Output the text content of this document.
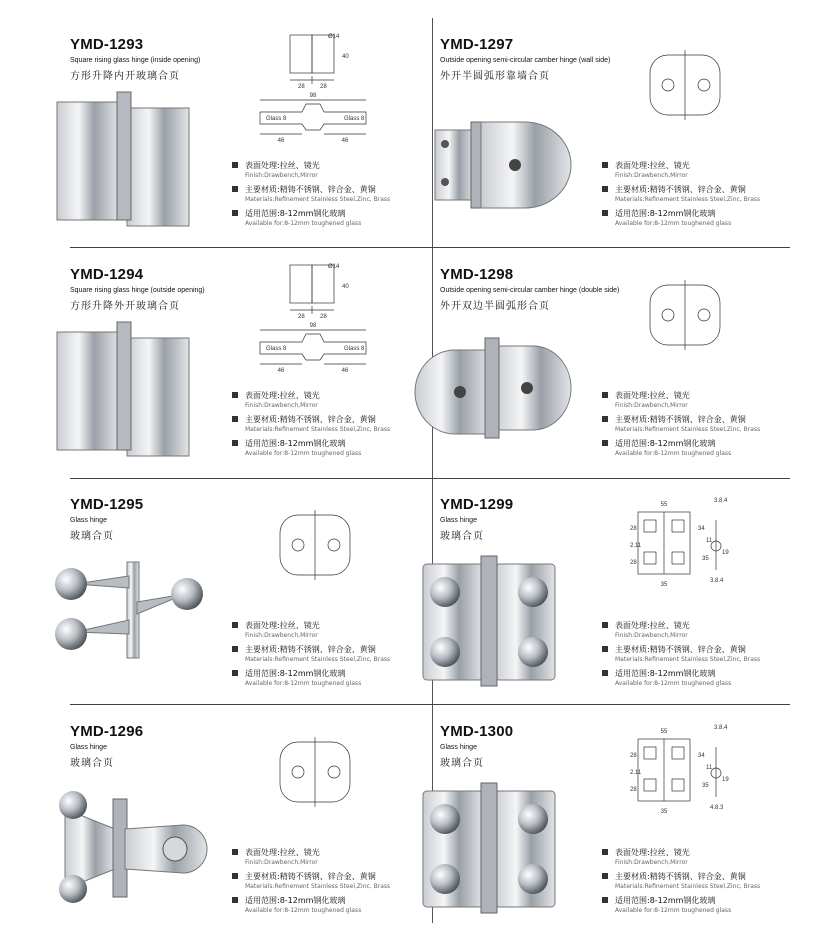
YMD-1293
Square rising glass hinge (inside opening)
方形升降内开玻璃合页
Ø14
40
28	28
98
46	46
Glass 8	Glass 8
表面处理:拉丝、镜光
Finish:Drawbench,Mirror
主要材质:精铸不锈钢、锌合金、黄铜
Materials:Refinement Stainless Steel,Zinc, Brass
适用范围:8-12mm钢化玻璃
Available for:8-12mm toughened glass
YMD-1297
Outside opening semi-circular camber hinge (wall side)
外开半圆弧形靠墙合页
表面处理:拉丝、镜光
Finish:Drawbench,Mirror
主要材质:精铸不锈钢、锌合金、黄铜
Materials:Refinement Stainless Steel,Zinc, Brass
适用范围:8-12mm钢化玻璃
Available for:8-12mm toughened glass
YMD-1294
Square rising glass hinge (outside opening)
方形升降外开玻璃合页
Ø14
40
28	28
98
46	46
Glass 8	Glass 8
表面处理:拉丝、镜光
Finish:Drawbench,Mirror
主要材质:精铸不锈钢、锌合金、黄铜
Materials:Refinement Stainless Steel,Zinc, Brass
适用范围:8-12mm钢化玻璃
Available for:8-12mm toughened glass
YMD-1298
Outside opening semi-circular camber hinge (double side)
外开双边半圆弧形合页
表面处理:拉丝、镜光
Finish:Drawbench,Mirror
主要材质:精铸不锈钢、锌合金、黄铜
Materials:Refinement Stainless Steel,Zinc, Brass
适用范围:8-12mm钢化玻璃
Available for:8-12mm toughened glass
YMD-1295
Glass hinge
玻璃合页
表面处理:拉丝、镜光
Finish:Drawbench,Mirror
主要材质:精铸不锈钢、锌合金、黄铜
Materials:Refinement Stainless Steel,Zinc, Brass
适用范围:8-12mm钢化玻璃
Available for:8-12mm toughened glass
YMD-1299
Glass hinge
玻璃合页
55
28
28
2.11
35
3.8.4
34
11
35
19
3.8.4
表面处理:拉丝、镜光
Finish:Drawbench,Mirror
主要材质:精铸不锈钢、锌合金、黄铜
Materials:Refinement Stainless Steel,Zinc, Brass
适用范围:8-12mm钢化玻璃
Available for:8-12mm toughened glass
YMD-1296
Glass hinge
玻璃合页
表面处理:拉丝、镜光
Finish:Drawbench,Mirror
主要材质:精铸不锈钢、锌合金、黄铜
Materials:Refinement Stainless Steel,Zinc, Brass
适用范围:8-12mm钢化玻璃
Available for:8-12mm toughened glass
YMD-1300
Glass hinge
玻璃合页
55
28
28
2.11
35
3.8.4
34
11
35
19
4.8.3
表面处理:拉丝、镜光
Finish:Drawbench,Mirror
主要材质:精铸不锈钢、锌合金、黄铜
Materials:Refinement Stainless Steel,Zinc, Brass
适用范围:8-12mm钢化玻璃
Available for:8-12mm toughened glass
